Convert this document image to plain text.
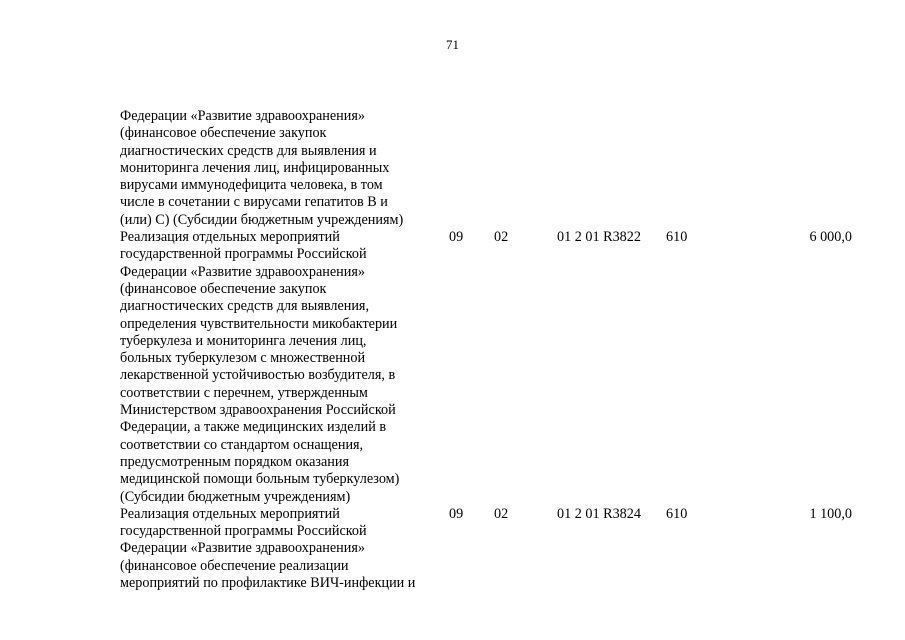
71
Федерации «Развитие здравоохранения»
(финансовое обеспечение закупок
диагностических средств для выявления и
мониторинга лечения лиц, инфицированных
вирусами иммунодефицита человека, в том
числе в сочетании с вирусами гепатитов В и
(или) С) (Субсидии бюджетным учреждениям)
Реализация отдельных мероприятий
государственной программы Российской
Федерации «Развитие здравоохранения»
(финансовое обеспечение закупок
диагностических средств для выявления,
определения чувствительности микобактерии
туберкулеза и мониторинга лечения лиц,
больных туберкулезом с множественной
лекарственной устойчивостью возбудителя, в
соответствии с перечнем, утвержденным
Министерством здравоохранения Российской
Федерации, а также медицинских изделий в
соответствии со стандартом оснащения,
предусмотренным порядком оказания
медицинской помощи больным туберкулезом)
(Субсидии бюджетным учреждениям)
09 02	01 2 01 R3822 610	6 000,0
Реализация отдельных мероприятий
государственной программы Российской
Федерации «Развитие здравоохранения»
(финансовое обеспечение реализации
мероприятий по профилактике ВИЧ-инфекции и
09 02	01 2 01 R3824 610	1 100,0
